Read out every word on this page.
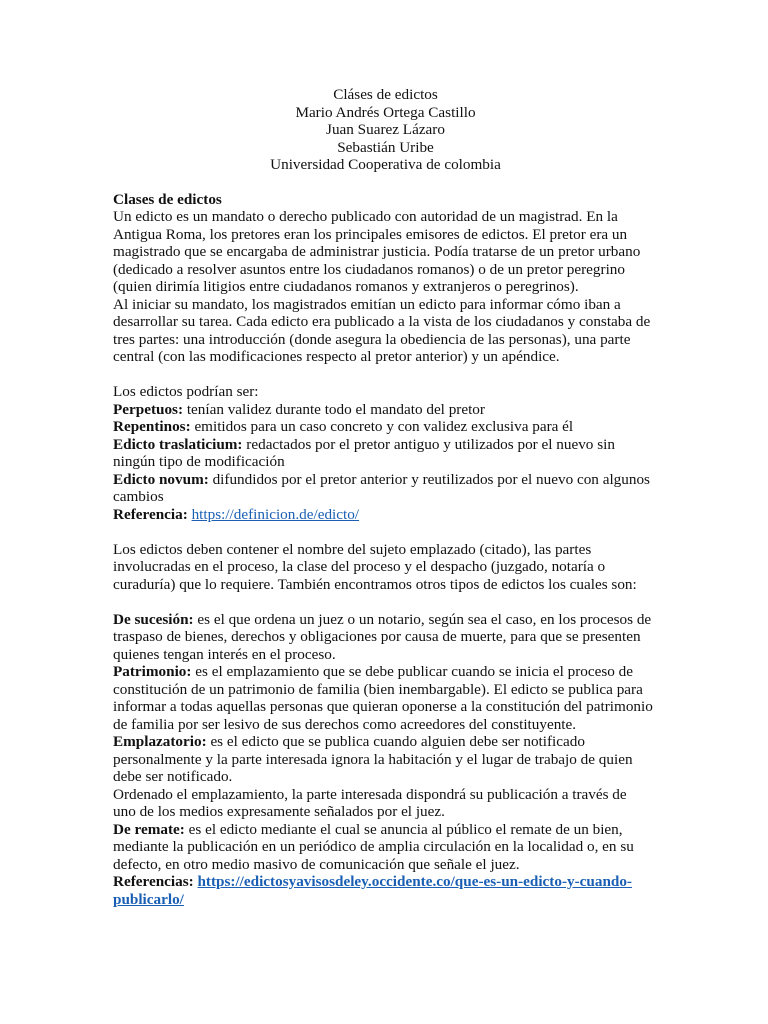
Cláses de edictos
Mario Andrés Ortega Castillo
Juan Suarez Lázaro
Sebastián Uribe
Universidad Cooperativa de colombia

Clases de edictos

Un edicto es un mandato o derecho publicado con autoridad de un magistrad. En la Antigua Roma, los pretores eran los principales emisores de edictos. El pretor era un magistrado que se encargaba de administrar justicia. Podía tratarse de un pretor urbano (dedicado a resolver asuntos entre los ciudadanos romanos) o de un pretor peregrino (quien dirimía litigios entre ciudadanos romanos y extranjeros o peregrinos).

Al iniciar su mandato, los magistrados emitían un edicto para informar cómo iban a desarrollar su tarea. Cada edicto era publicado a la vista de los ciudadanos y constaba de tres partes: una introducción (donde asegura la obediencia de las personas), una parte central (con las modificaciones respecto al pretor anterior) y un apéndice.

Los edictos podrían ser:

Perpetuos: tenían validez durante todo el mandato del pretor

Repentinos: emitidos para un caso concreto y con validez exclusiva para él

Edicto traslaticium: redactados por el pretor antiguo y utilizados por el nuevo sin ningún tipo de modificación

Edicto novum: difundidos por el pretor anterior y reutilizados por el nuevo con algunos cambios

Referencia: https://definicion.de/edicto/

Los edictos deben contener el nombre del sujeto emplazado (citado), las partes involucradas en el proceso, la clase del proceso y el despacho (juzgado, notaría o curaduría) que lo requiere. También encontramos otros tipos de edictos los cuales son:

De sucesión: es el que ordena un juez o un notario, según sea el caso, en los procesos de traspaso de bienes, derechos y obligaciones por causa de muerte, para que se presenten quienes tengan interés en el proceso.

Patrimonio: es el emplazamiento que se debe publicar cuando se inicia el proceso de constitución de un patrimonio de familia (bien inembargable). El edicto se publica para informar a todas aquellas personas que quieran oponerse a la constitución del patrimonio de familia por ser lesivo de sus derechos como acreedores del constituyente.

Emplazatorio: es el edicto que se publica cuando alguien debe ser notificado personalmente y la parte interesada ignora la habitación y el lugar de trabajo de quien debe ser notificado.

Ordenado el emplazamiento, la parte interesada dispondrá su publicación a través de uno de los medios expresamente señalados por el juez.

De remate: es el edicto mediante el cual se anuncia al público el remate de un bien, mediante la publicación en un periódico de amplia circulación en la localidad o, en su defecto, en otro medio masivo de comunicación que señale el juez.

Referencias: https://edictosyavisosdeley.occidente.co/que-es-un-edicto-y-cuando-publicarlo/
